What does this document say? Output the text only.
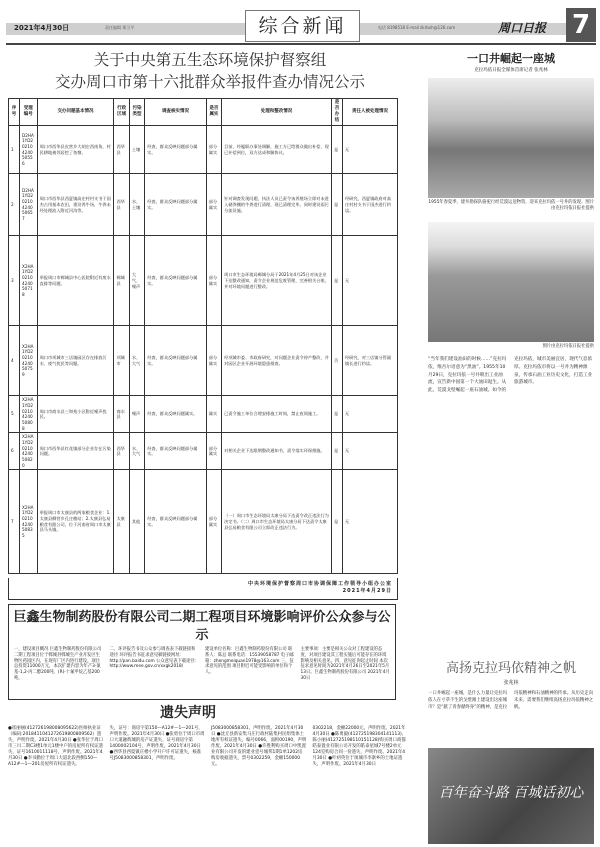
2021年4月30日	责任编辑 郑卫平	综合新闻	电话 8198518 E-mail zkrbxh@126.com	周口日报 7
关于中央第五生态环境保护督察组
交办周口市第十六批群众举报件查办情况公示
序号	受理编号	交办问题基本情况	行政区域	污染类型	调查核实情况	是否属实	处理和整改情况	是否办结	责任人被处理情况
1	D2HA1YD20210424050556	周口市西华县皮营乡大胡庄西南角，村民耕地被邻居挖了鱼塘。	西华县	土壤	经查，群众反映问题部分属实。	部分属实	目前，经履职办事处调解，施工方已给群众做出补偿，现已补偿到位，双方达成和解协议。	是	无
2	D2HA1YD20210424050657	周口市西华县西夏镇高庄村村支书于国杰占用基本农田，建设养牛场，牛粪未经处理流入附近河沟等。	西华县	水、土壤	经查，群众反映问题部分属实。	部分属实	针对调查发现问题，执法人员已责令该养殖场立即对未进入储粪棚的牛粪进行清理，现已清理完毕，同时建设雨污分流设施。	是	经研究，西夏镇政府对高庄村村支书于国杰进行约谈。
3	X2HA1YD20210424050718	举报周口市郸城县中心医院附近有废水直排等问题。	郸城县	大气、噪声	经查，群众反映问题部分属实。	部分属实	周口市生态环境局郸城分局于2021年4月25日对该企业下达整改通知，责令企业规范危废管理，完善相关台账，并对环境问题进行整改。	是	无
4	X2HA1YD20210424050759	周口市项城市三店镇园区存在排放污水、废气扰民等问题。	项城市	水、大气	经查，群众反映问题部分属实。	部分属实	经项城市委、市政府研究，对问题企业责令停产整改，并对园区企业开展环境隐患排查。	否	经研究，对三店镇分管副镇长进行约谈。
5	X2HA1YD20210424050808	周口市商水县三和苑小区附近噪声扰民。	商水县	噪声	经查，群众反映问题属实。	属实	已责令施工单位合理安排施工时间，禁止夜间施工。	是	无
6	X2HA1YD20210424050820	周口市西华县红花镇部分企业存在污染问题。	西华县	水、大气	经查，群众反映问题部分属实。	部分属实	对相关企业下达限期整改通知书，责令落实环保措施。	是	无
7	X2HA1YD20210424050835	举报周口市太康县的两家粮食企业：1.太康县柳营乡孔庄粮站；2.太康县弘易粮食有限公司，位于河南省周口市太康县马头镇。	太康县	其他	经查，群众反映问题部分属实。	部分属实	（一）周口市生态环境局太康分局下达责令改正违法行为决定书。（二）周口市生态环境局太康分局下达责令太康县弘易粮食有限公司立即改正违法行为。	是	无
中央环境保护督察周口市协调保障工作领导小组办公室
2021年4月29日
巨鑫生物制药股份有限公司二期工程项目环境影响评价公众参与公示
一、建设项目概况 巨鑫生物制药股份有限公司二期工程项目位于郸城县郸城生产业开发区生物医药园区内，在现有厂区内进行建设。项目总投资11000万元，本次扩建内容为年产3-氯基-1,2-丙二醇200吨、(R)-十氟甲烷乙基200吨。
二、环评报告书及公众参与调查表下载链接和途径 环评报告书征求意见稿链接网址：http://pan.baidu.com 公众意见表下载途径：http://www.mee.gov.cn/xxgk2018/
建设单位名称：巨鑫生物制药股份有限公司 联系人：陈总 联系电话：15539058787 电子邮箱：zhengmeiquan1978@163.com 三、征求意见的范围 项目附近可能受影响的单位和个人。
主要事项：主要是相关公众对工程建设的态度，对项目建设其工程实施后可能存在的环境影响及相关意见。四、意见征询起止时间 本次征求意见时间为2021年4月26日至2021年5月13日。巨鑫生物制药股份有限公司 2021年4月30日
遗失声明
●崔丽丽(412726198008095622)医师执业证（编码:2018411041272619800809562）遗失，声明作废。2021年4月30日 ●张华位于周口市三川二期C3楼1单元1楼中户的房屋所有权证遗失，证号1610011118号，声明作废。2021年4月30日 ●李书勤位于周口大道北段西侧150—A12#—1—201房屋所有权证遗失。
失，证号：商房字第150—A12#—1—201号，声明作废。2021年4月30日 ●张勇位于周口市周口大道融辉城的房产证遗失，证号商房字第1400002104号，声明作废。2021年4月30日 ●西华县西夏镇庄楼小学开户许可证遗失，核准号J5083000858301，声明作废。
J5083000858301，声明作废。2021年4月30日 ●沈丘县新安集马庄行政村陆集村民组集体土地所有权证遗失，编号0066，面积00190，声明作废。2021年4月30日 ●许胜利购买周口中凯置业有限公司开发的建业壹号城邦1期1单1202房购房收据遗失，票号0302259，金额150000元。
0302218，金额22000元，声明作废。2021年4月30日 ●陈勇毅(412725198304141113)、陈小丽(412725198110151128)购买周口商都皓泰置业有限公司开发的皓泰星城7号楼2单元124室购房合同一份遗失，声明作废。2021年4月30日 ●叶初英位于项城市李寨乡的土地证遗失，声明作废。2021年4月30日
一口井崛起一座城
克拉玛依日报全媒体首席记者 张兆林
1955年春夏季，建井勘探队骆驼行经荒漠运送物资，迎来克拉玛依一号井的发现。图片由克拉玛依日报社提供
图片由克拉玛依日报社提供
“当年我们建设油田的时候……”克拉玛依，维吾尔语意为“黑油”。1955年10月29日，克拉玛依一号井喷出工业油流，宣告新中国第一个大油田诞生。从此，荒漠戈壁崛起一座石油城。如今的克拉玛依，城市美丽宜居，现代气息浓厚。克拉玛依市将以一号井为精神源泉，传承石油工业历史文化，打造工业旅游城市。
高扬克拉玛依精神之帆
张兆林
一口井崛起一座城，是什么力量让克拉玛依人在寸草不生的戈壁滩上建设出这座城市？是“献了青春献终身”的精神，是克拉玛依精神和石油精神的传承。从历史走向未来，需要我们继续高扬克拉玛依精神之帆。
百年奋斗路 百城话初心
